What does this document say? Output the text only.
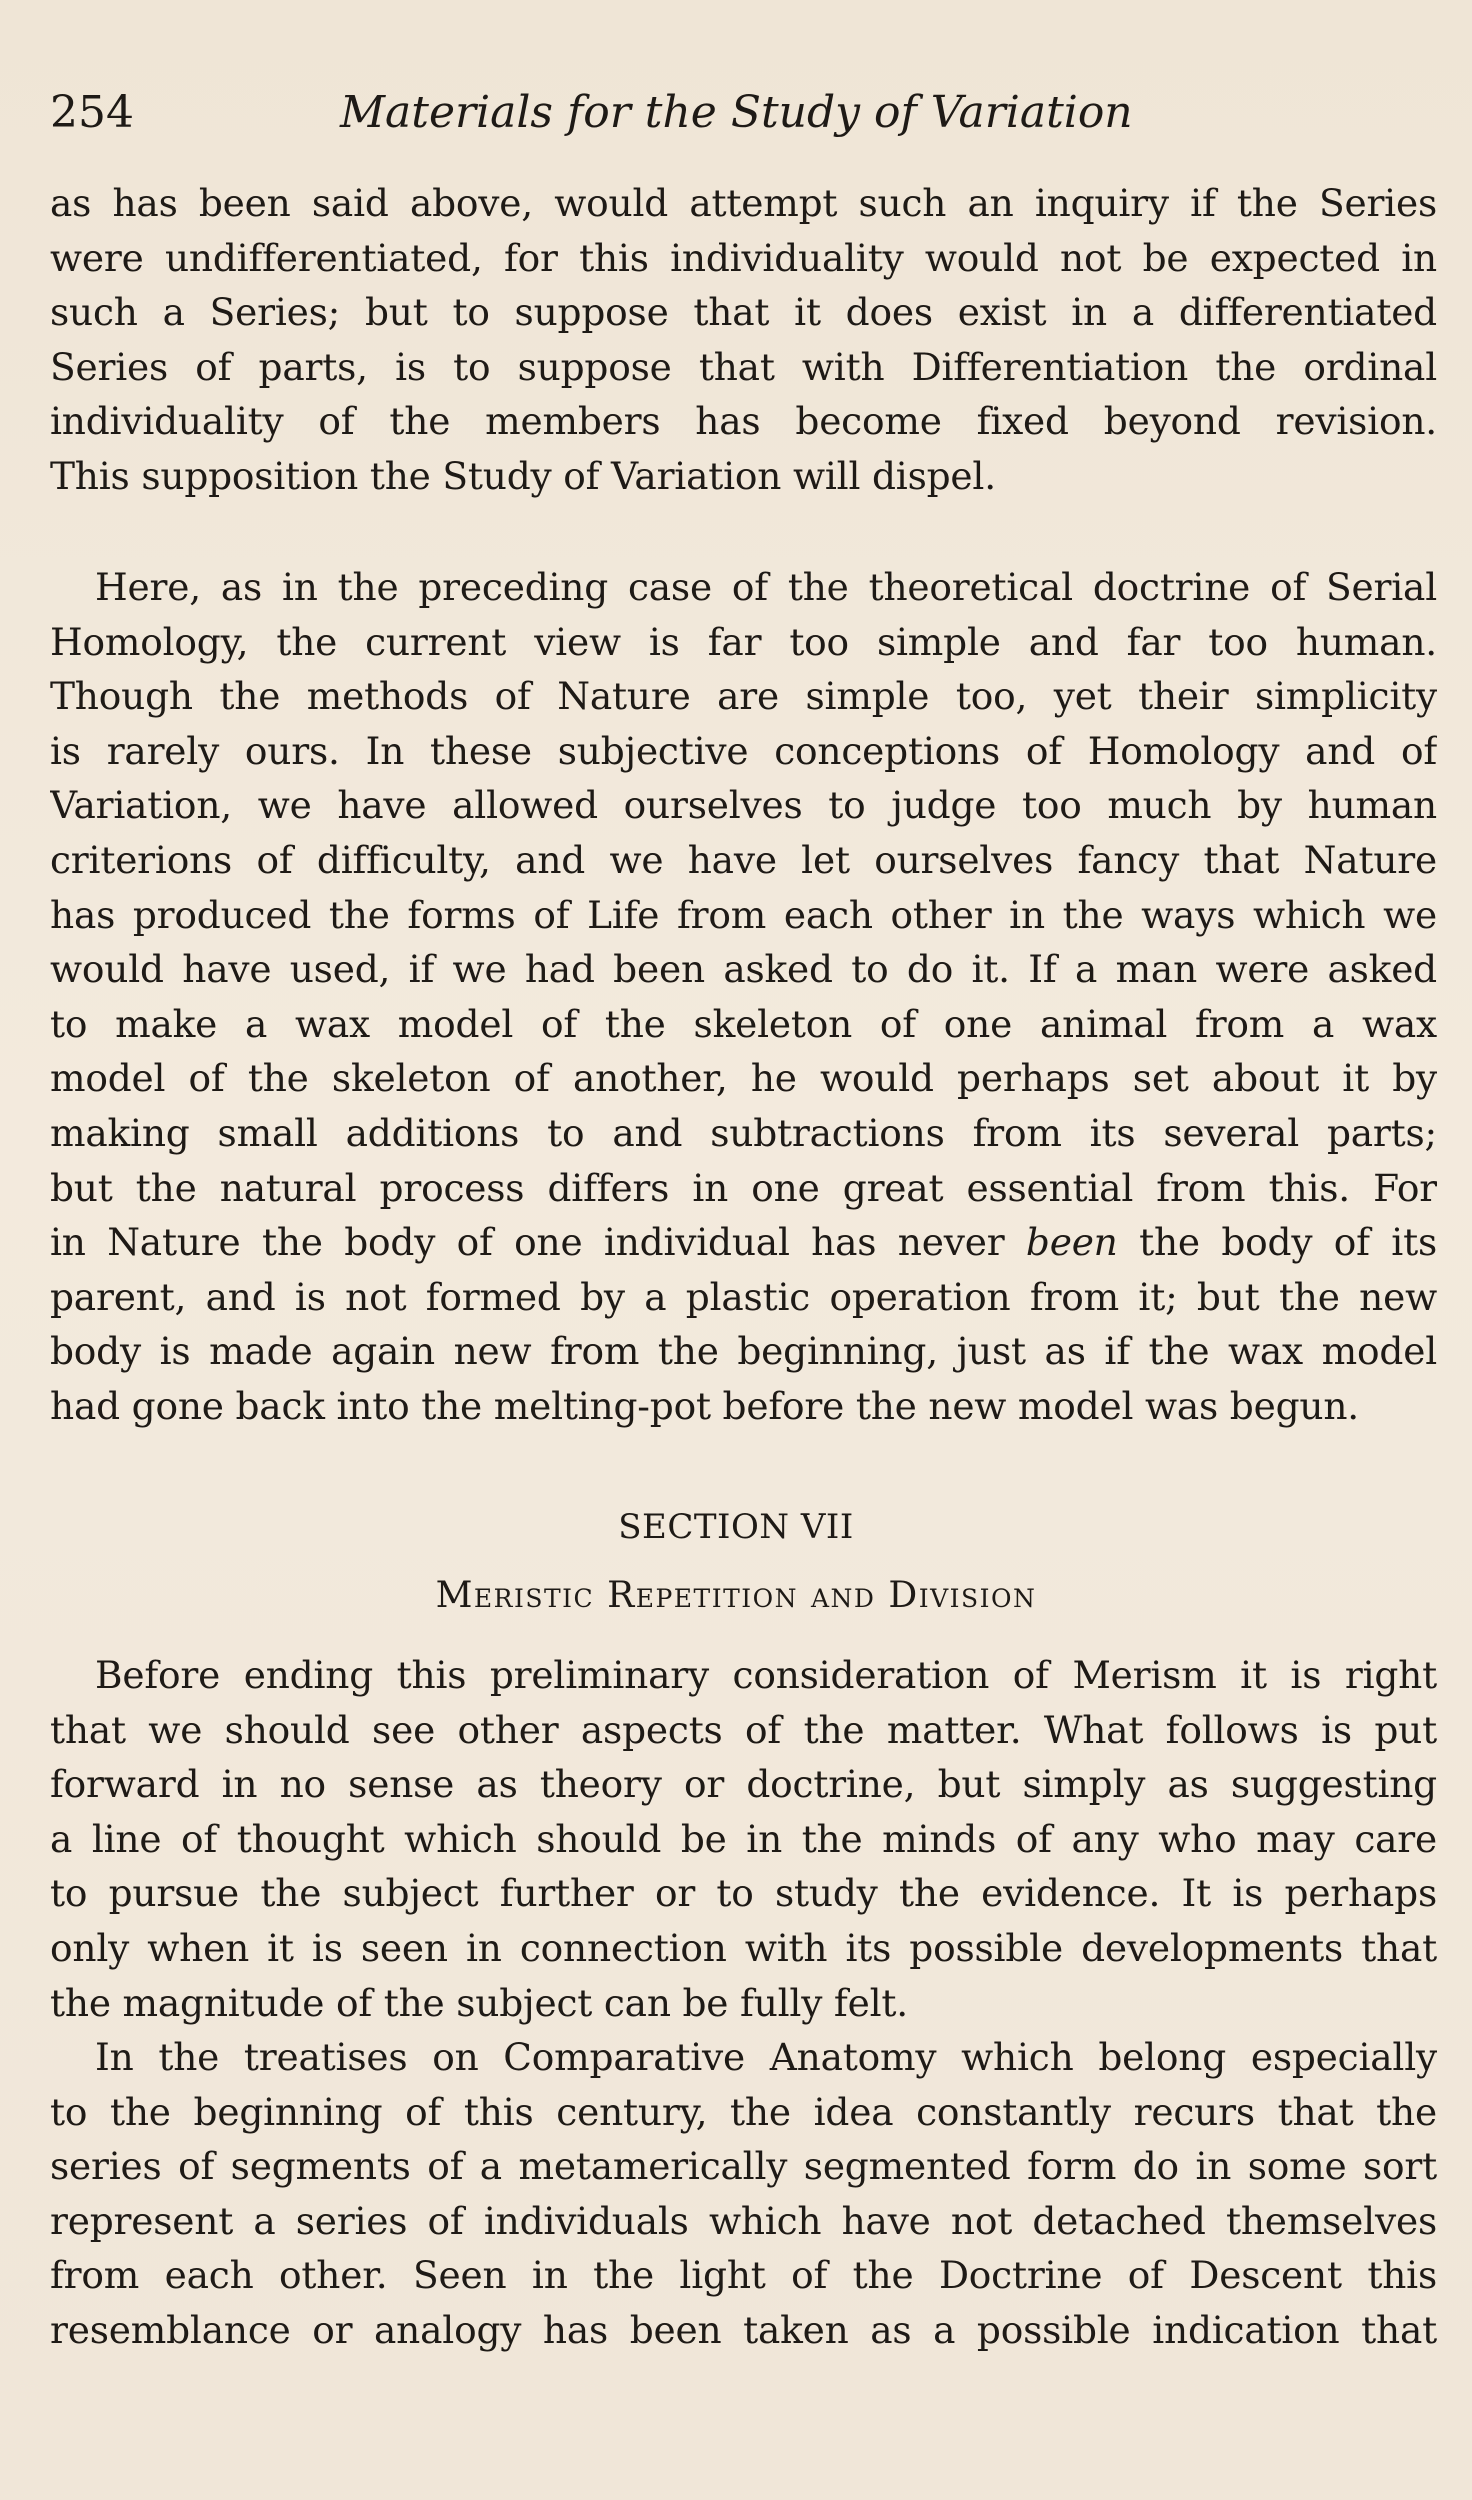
254	Materials for the Study of Variation

as has been said above, would attempt such an inquiry if the Series
were undifferentiated, for this individuality would not be expected in
such a Series; but to suppose that it does exist in a differentiated
Series of parts, is to suppose that with Differentiation the ordinal
individuality of the members has become fixed beyond revision.
This supposition the Study of Variation will dispel.

Here, as in the preceding case of the theoretical doctrine of Serial
Homology, the current view is far too simple and far too human.
Though the methods of Nature are simple too, yet their simplicity
is rarely ours. In these subjective conceptions of Homology and of
Variation, we have allowed ourselves to judge too much by human
criterions of difficulty, and we have let ourselves fancy that Nature
has produced the forms of Life from each other in the ways which we
would have used, if we had been asked to do it. If a man were asked
to make a wax model of the skeleton of one animal from a wax
model of the skeleton of another, he would perhaps set about it by
making small additions to and subtractions from its several parts;
but the natural process differs in one great essential from this. For
in Nature the body of one individual has never been the body of its
parent, and is not formed by a plastic operation from it; but the new
body is made again new from the beginning, just as if the wax model
had gone back into the melting-pot before the new model was begun.

SECTION VII
Meristic Repetition and Division

Before ending this preliminary consideration of Merism it is right
that we should see other aspects of the matter. What follows is put
forward in no sense as theory or doctrine, but simply as suggesting
a line of thought which should be in the minds of any who may care
to pursue the subject further or to study the evidence. It is perhaps
only when it is seen in connection with its possible developments that
the magnitude of the subject can be fully felt.

In the treatises on Comparative Anatomy which belong especially
to the beginning of this century, the idea constantly recurs that the
series of segments of a metamerically segmented form do in some sort
represent a series of individuals which have not detached themselves
from each other. Seen in the light of the Doctrine of Descent this
resemblance or analogy has been taken as a possible indication that
